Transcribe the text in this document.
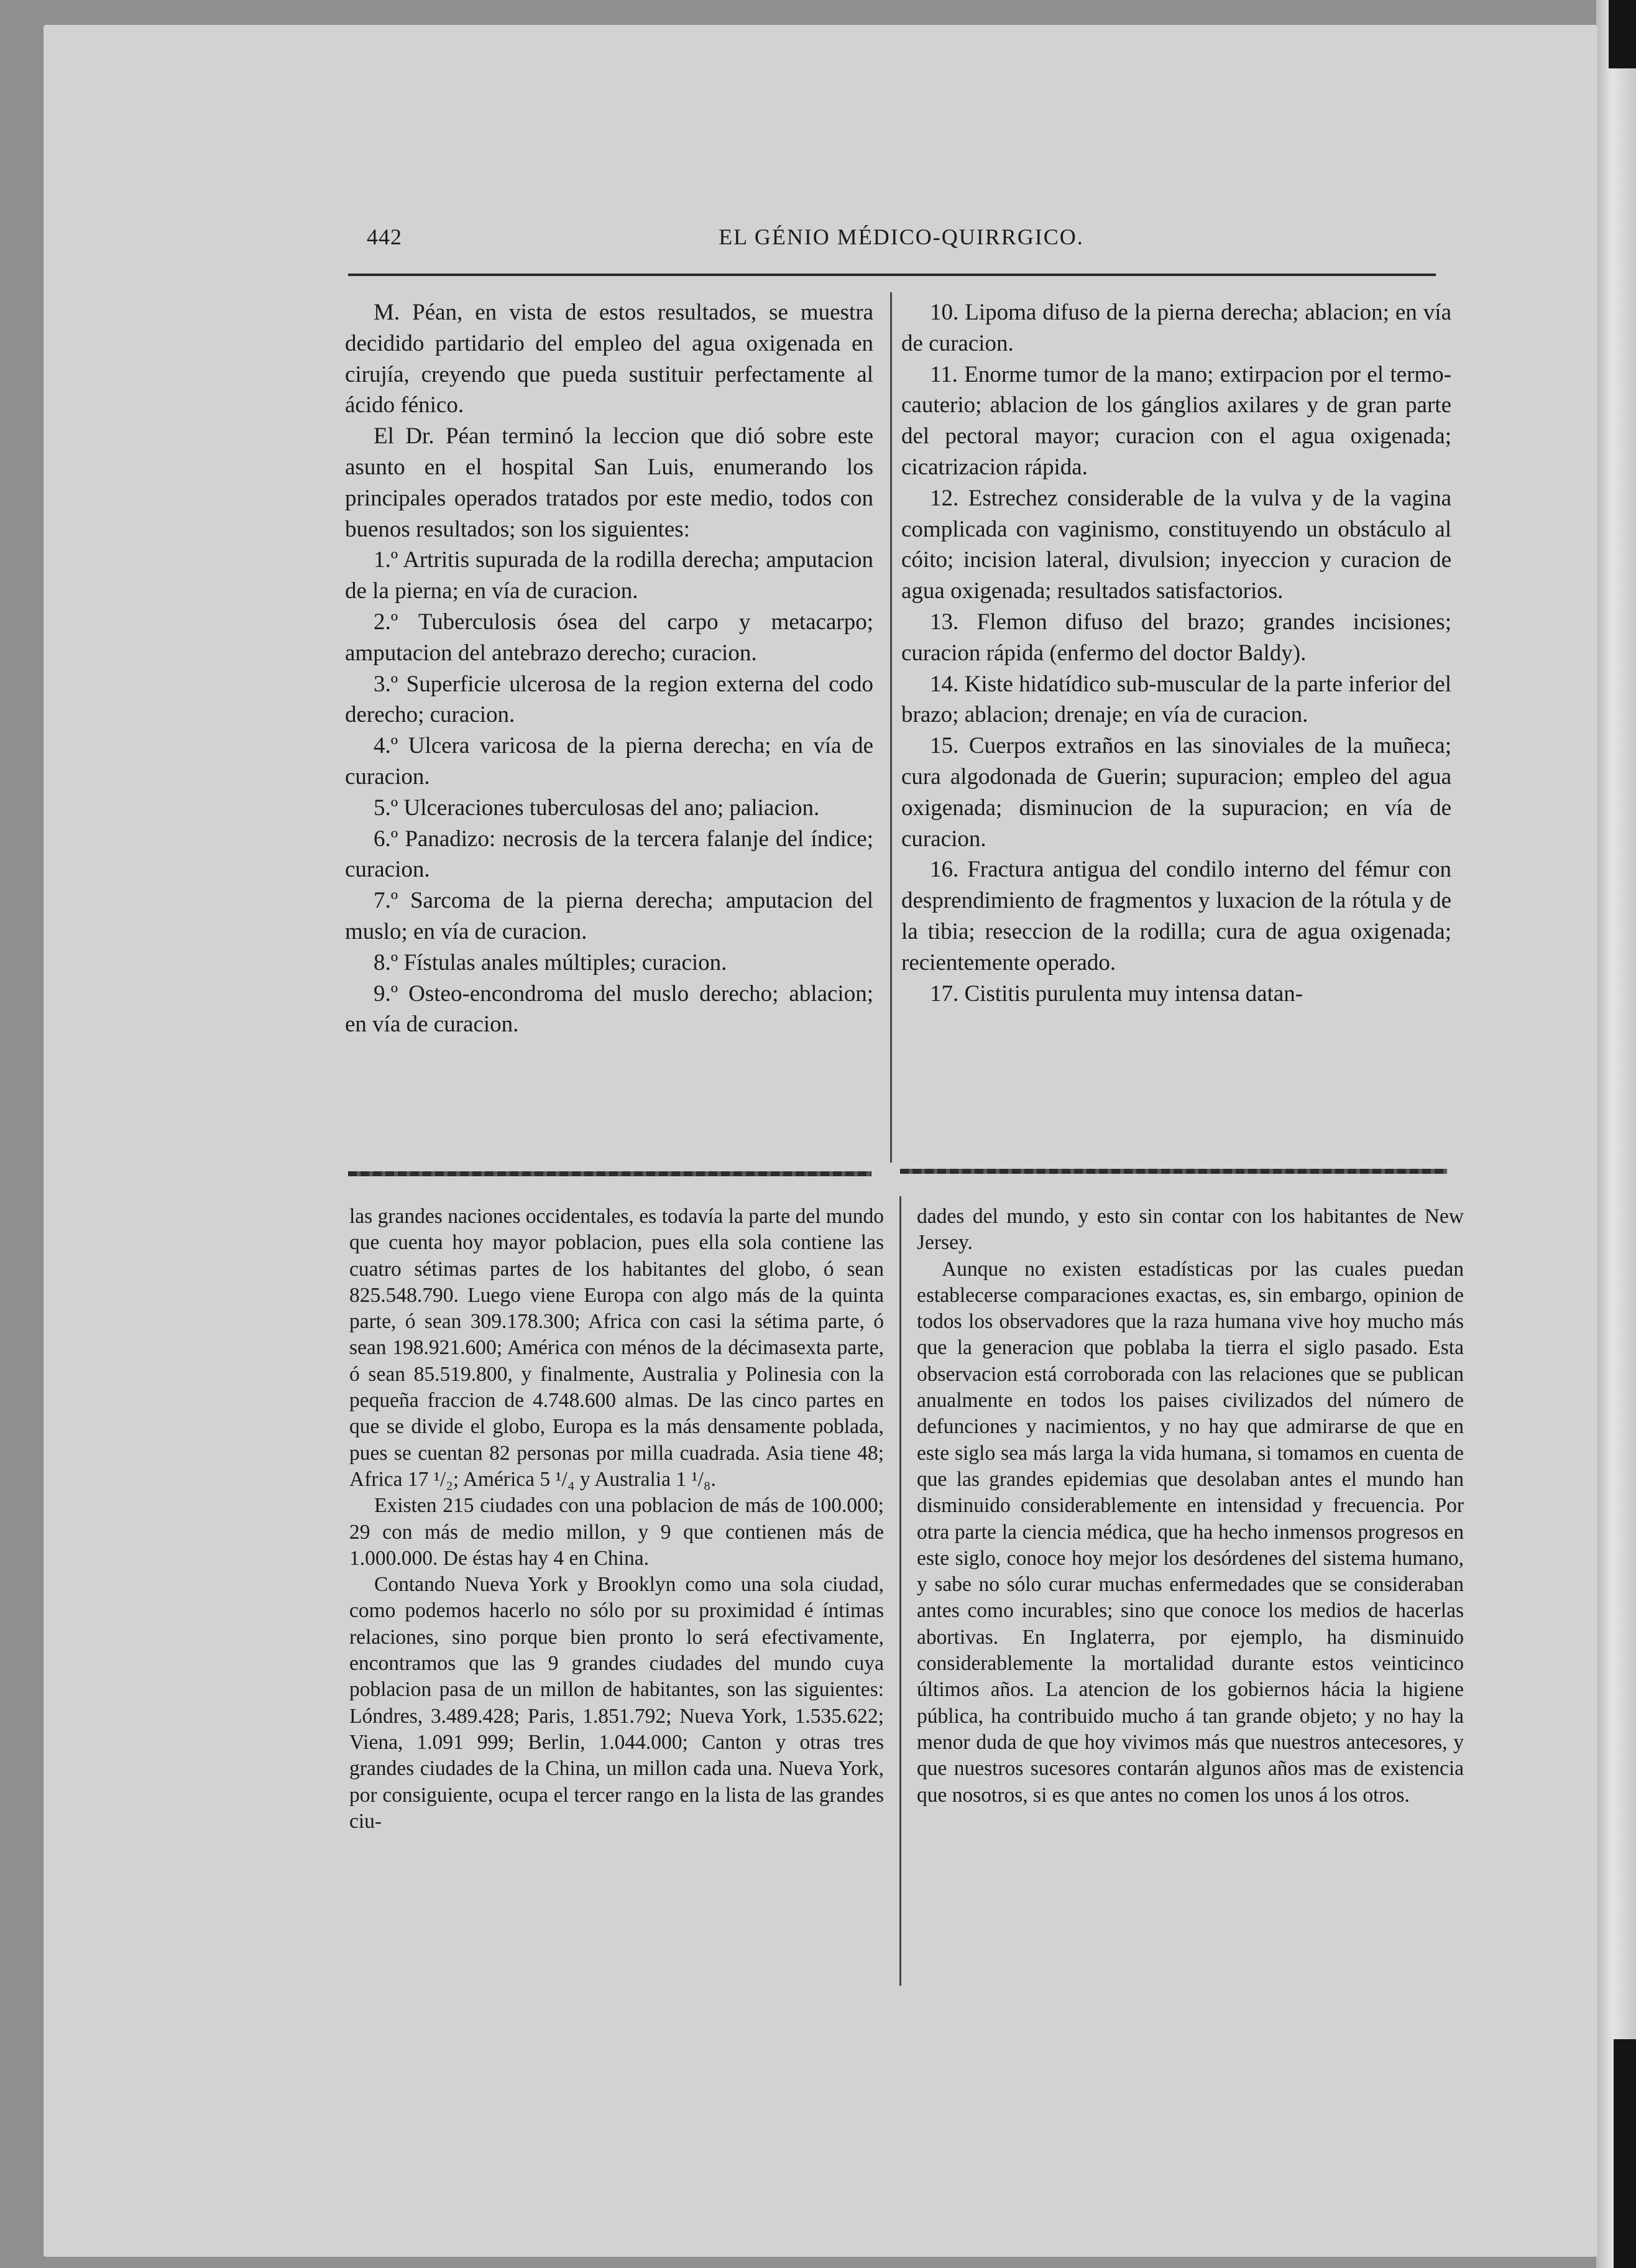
442	EL GÉNIO MÉDICO-QUIRRGICO.

M. Péan, en vista de estos resultados, se muestra decidido partidario del empleo del agua oxigenada en cirujía, creyendo que pueda sustituir perfectamente al ácido fénico.

El Dr. Péan terminó la leccion que dió sobre este asunto en el hospital San Luis, enumerando los principales operados tratados por este medio, todos con buenos resultados; son los siguientes:

1.º Artritis supurada de la rodilla derecha; amputacion de la pierna; en vía de curacion.

2.º Tuberculosis ósea del carpo y metacarpo; amputacion del antebrazo derecho; curacion.

3.º Superficie ulcerosa de la region externa del codo derecho; curacion.

4.º Ulcera varicosa de la pierna derecha; en vía de curacion.

5.º Ulceraciones tuberculosas del ano; paliacion.

6.º Panadizo: necrosis de la tercera falanje del índice; curacion.

7.º Sarcoma de la pierna derecha; amputacion del muslo; en vía de curacion.

8.º Fístulas anales múltiples; curacion.

9.º Osteo-encondroma del muslo derecho; ablacion; en vía de curacion.

10. Lipoma difuso de la pierna derecha; ablacion; en vía de curacion.

11. Enorme tumor de la mano; extirpacion por el termo-cauterio; ablacion de los gánglios axilares y de gran parte del pectoral mayor; curacion con el agua oxigenada; cicatrizacion rápida.

12. Estrechez considerable de la vulva y de la vagina complicada con vaginismo, constituyendo un obstáculo al cóito; incision lateral, divulsion; inyeccion y curacion de agua oxigenada; resultados satisfactorios.

13. Flemon difuso del brazo; grandes incisiones; curacion rápida (enfermo del doctor Baldy).

14. Kiste hidatídico sub-muscular de la parte inferior del brazo; ablacion; drenaje; en vía de curacion.

15. Cuerpos extraños en las sinoviales de la muñeca; cura algodonada de Guerin; supuracion; empleo del agua oxigenada; disminucion de la supuracion; en vía de curacion.

16. Fractura antigua del condilo interno del fémur con desprendimiento de fragmentos y luxacion de la rótula y de la tibia; reseccion de la rodilla; cura de agua oxigenada; recientemente operado.

17. Cistitis purulenta muy intensa datan-

las grandes naciones occidentales, es todavía la parte del mundo que cuenta hoy mayor poblacion, pues ella sola contiene las cuatro sétimas partes de los habitantes del globo, ó sean 825.548.790. Luego viene Europa con algo más de la quinta parte, ó sean 309.178.300; Africa con casi la sétima parte, ó sean 198.921.600; América con ménos de la décimasexta parte, ó sean 85.519.800, y finalmente, Australia y Polinesia con la pequeña fraccion de 4.748.600 almas. De las cinco partes en que se divide el globo, Europa es la más densamente poblada, pues se cuentan 82 personas por milla cuadrada. Asia tiene 48; Africa 17 ¹/₂; América 5 ¹/₄ y Australia 1 ¹/₈.

Existen 215 ciudades con una poblacion de más de 100.000; 29 con más de medio millon, y 9 que contienen más de 1.000.000. De éstas hay 4 en China.

Contando Nueva York y Brooklyn como una sola ciudad, como podemos hacerlo no sólo por su proximidad é íntimas relaciones, sino porque bien pronto lo será efectivamente, encontramos que las 9 grandes ciudades del mundo cuya poblacion pasa de un millon de habitantes, son las siguientes: Lóndres, 3.489.428; Paris, 1.851.792; Nueva York, 1.535.622; Viena, 1.091 999; Berlin, 1.044.000; Canton y otras tres grandes ciudades de la China, un millon cada una. Nueva York, por consiguiente, ocupa el tercer rango en la lista de las grandes ciu-

dades del mundo, y esto sin contar con los habitantes de New Jersey.

Aunque no existen estadísticas por las cuales puedan establecerse comparaciones exactas, es, sin embargo, opinion de todos los observadores que la raza humana vive hoy mucho más que la generacion que poblaba la tierra el siglo pasado. Esta observacion está corroborada con las relaciones que se publican anualmente en todos los paises civilizados del número de defunciones y nacimientos, y no hay que admirarse de que en este siglo sea más larga la vida humana, si tomamos en cuenta de que las grandes epidemias que desolaban antes el mundo han disminuido considerablemente en intensidad y frecuencia. Por otra parte la ciencia médica, que ha hecho inmensos progresos en este siglo, conoce hoy mejor los desórdenes del sistema humano, y sabe no sólo curar muchas enfermedades que se consideraban antes como incurables; sino que conoce los medios de hacerlas abortivas. En Inglaterra, por ejemplo, ha disminuido considerablemente la mortalidad durante estos veinticinco últimos años. La atencion de los gobiernos hácia la higiene pública, ha contribuido mucho á tan grande objeto; y no hay la menor duda de que hoy vivimos más que nuestros antecesores, y que nuestros sucesores contarán algunos años mas de existencia que nosotros, si es que antes no comen los unos á los otros.
